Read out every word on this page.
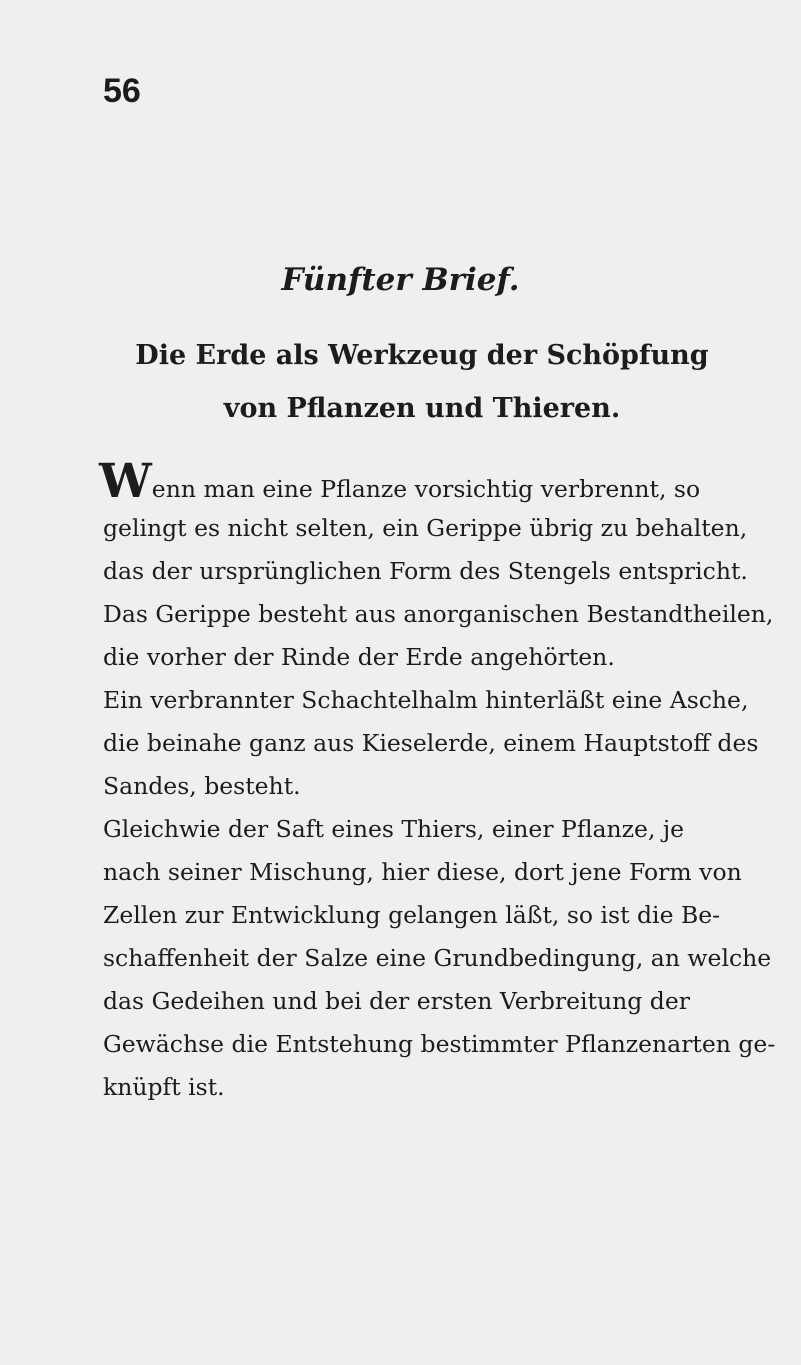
56
Fünfter Brief.
Die Erde als Werkzeug der Schöpfung
von Pflanzen und Thieren.
Wenn man eine Pflanze vorsichtig verbrennt, so
gelingt es nicht selten, ein Gerippe übrig zu behalten,
das der ursprünglichen Form des Stengels entspricht.
Das Gerippe besteht aus anorganischen Bestandtheilen,
die vorher der Rinde der Erde angehörten.
Ein verbrannter Schachtelhalm hinterläßt eine Asche,
die beinahe ganz aus Kieselerde, einem Hauptstoff des
Sandes, besteht.
Gleichwie der Saft eines Thiers, einer Pflanze, je
nach seiner Mischung, hier diese, dort jene Form von
Zellen zur Entwicklung gelangen läßt, so ist die Be-
schaffenheit der Salze eine Grundbedingung, an welche
das Gedeihen und bei der ersten Verbreitung der
Gewächse die Entstehung bestimmter Pflanzenarten ge-
knüpft ist.
